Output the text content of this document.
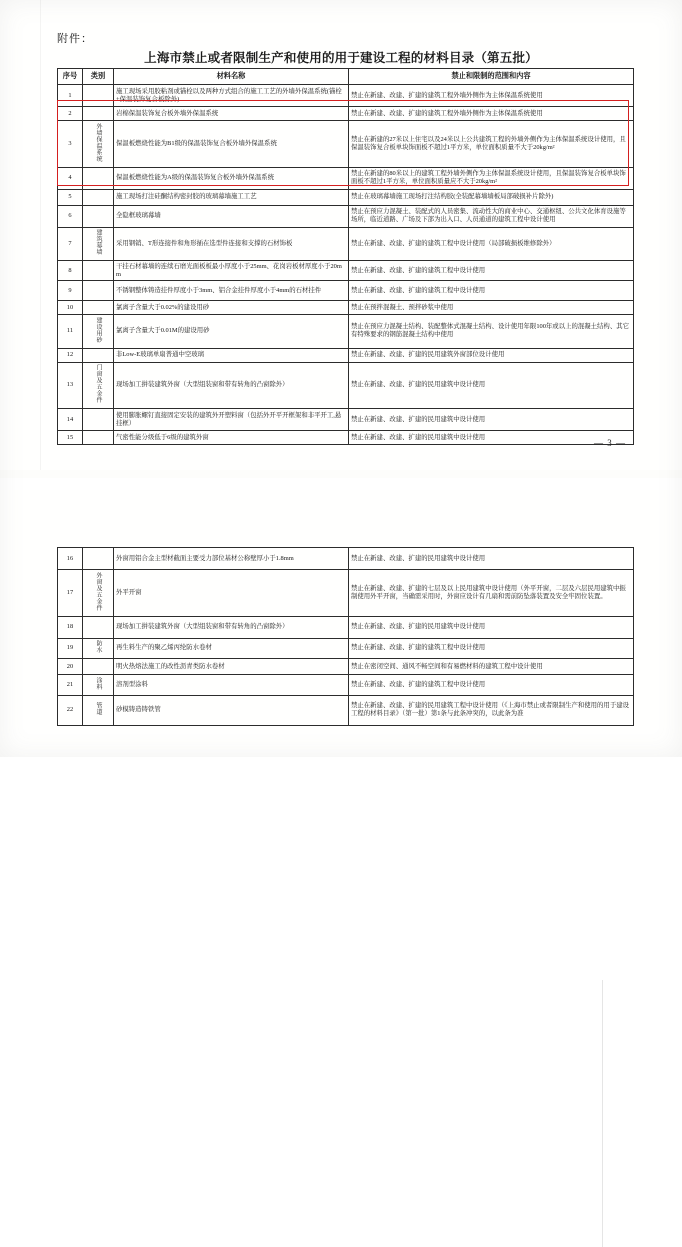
附件：
上海市禁止或者限制生产和使用的用于建设工程的材料目录（第五批）
序号	类别	材料名称	禁止和限制的范围和内容
1		施工现场采用胶粘剂或锚栓以及两种方式组合的施工工艺的外墙外保温系统(锚栓+保温装饰复合板除外)	禁止在新建、改建、扩建的建筑工程外墙外侧作为主体保温系统使用
2		岩棉保温装饰复合板外墙外保温系统	禁止在新建、改建、扩建的建筑工程外墙外侧作为主体保温系统使用
3	外墙保温系统	保温板燃烧性能为B1级的保温装饰复合板外墙外保温系统	禁止在新建的27米以上住宅以及24米以上公共建筑工程的外墙外侧作为主体保温系统设计使用，且保温装饰复合板单块饰面板不超过1平方米，单位面积质量不大于20kg/m²
4		保温板燃烧性能为A级的保温装饰复合板外墙外保温系统	禁止在新建的80米以上的建筑工程外墙外侧作为主体保温系统设计使用，且保温装饰复合板单块饰面板不超过1平方米，单位面积质量应不大于20kg/m²
5		施工现场打注硅酮结构密封胶的玻璃幕墙施工工艺	禁止在玻璃幕墙施工现场打注结构胶(全装配幕墙墙板局部破损补片除外)
6		全隐框玻璃幕墙	禁止在预应力混凝土、装配式的人员密集、流动性大的商业中心、交通枢纽、公共文化体育设施等场所，临近道路、广场及下部为出入口、人员通道的建筑工程中设计使用
7	建筑幕墙	采用钢销、T形连接件和角形插在选型件连接和支撑的石材饰板	禁止在新建、改建、扩建的建筑工程中设计使用（局部破损板维修除外）
8		干挂石材幕墙的连续石磨光面板板最小厚度小于25mm、花岗岩板材厚度小于20mm	禁止在新建、改建、扩建的建筑工程中设计使用
9		不锈钢整体铸造挂件厚度小于3mm、铝合金挂件厚度小于4mm的石材挂件	禁止在新建、改建、扩建的建筑工程中设计使用
10		氯离子含量大于0.02%的建设用砂	禁止在预拌混凝土、预拌砂浆中使用
11	建设用砂	氯离子含量大于0.01M的建设用砂	禁止在预应力混凝土结构、装配整体式混凝土结构、设计使用年限100年或以上的混凝土结构、其它有特殊要求的钢筋混凝土结构中使用
12		非Low-E玻璃单扇普通中空玻璃	禁止在新建、改建、扩建的民用建筑外窗部位设计使用
13	门窗及五金件	现场加工拼装建筑外窗（大型组装窗和带有转角的凸窗除外）	禁止在新建、改建、扩建的民用建筑中设计使用
14		使用膨胀螺钉直接固定安装的建筑外开塑料窗（包括外开平开框架和非平开工,悬挂框）	禁止在新建、改建、扩建的民用建筑中设计使用
15		气密性能分级低于6级的建筑外窗	禁止在新建、改建、扩建的民用建筑中设计使用
— 3 —
16		外窗用铝合金主型材截面主要受力部位基材公称壁厚小于1.8mm	禁止在新建、改建、扩建的民用建筑中设计使用
17	外窗及五金件	外平开窗	禁止在新建、改建、扩建的七层及以上民用建筑中设计使用（外平开窗，二层及六层民用建筑中振制使用外平开窗，当确需采用时，外窗应设计有几扇和需前防坠落装置及安全牢固位装置。
18		现场加工拼装建筑外窗（大型组装窗和带有转角的凸窗除外）	禁止在新建、改建、扩建的民用建筑中设计使用
19	防水	再生料生产的聚乙烯丙纶防水卷材	禁止在新建、改建、扩建的建筑工程中设计使用
20		明火热熔法施工的改性沥青类防水卷材	禁止在密闭空间、通风不畅空间和有易燃材料的建筑工程中设计使用
21	涂料	溶剂型涂料	禁止在新建、改建、扩建的建筑工程中设计使用
22	管道	砂模铸造铸铁管	禁止在新建、改建、扩建的民用建筑工程中设计使用（《上海市禁止或者限制生产和使用的用于建设工程的材料目录》（第一批）第1条与此条冲突的，以此条为准
